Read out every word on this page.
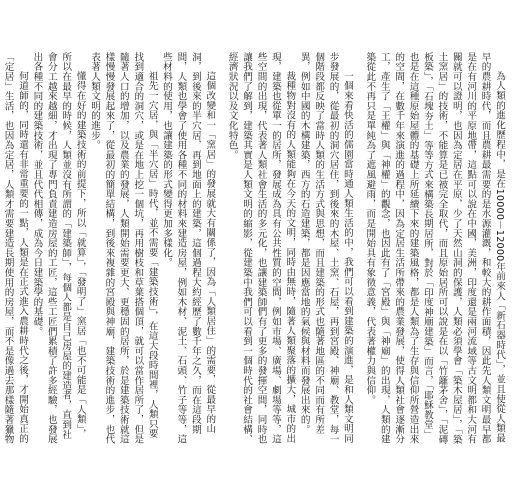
為人類的進化歷程中，是在10000－12000年前來人「新石器時代」，並且使從人類最早的農耕時代，而且農耕最需要的是水源灌溉，和較大的耕作面積，因此先人類文明最早都是在有河川的平原地帶，這點可以說在中國，美洲，印度還是兩河流域等古文明都和大河有關就可以證明，也因為定居在平原，少了天然山洞的保護，人類必須學會「築木屋居」，「築土窯居」的技術，不能算是已被完全取代，而且原始居所可以說是在以「竹籬茅舍」，「泥磚板築」，「石塊夯土」等等方式來構築長期居所，對於「印度神廟建築」而言，「耶穌教堂」也是在這種原始屋體的基礎上所延續下來的建築風格，都是人類為了生存與信仰所營造出來的空間，在數千年來演進的過程中，因為定居生活所帶來的農業發展，使得人類社會逐漸分工，產生了「王權」與「神權」的觀念，也因此有了「宮殿」與「神廟」的出現，人類的建築從此不再只是單純為了遮風避雨，而是開始具有象徵意義，代表著權力與信仰。

一個來看快活的儒園當時通人類生活的中，我們可以看到建築的演進，是和人類文明同步發展的，從最初的洞穴居住，到後來的木屋、土窯、石屋，再到宮殿、神廟、教堂，每一個階段都反映了當時人類的生活方式與思想，而且建築的形式也隨著地區的不同而有所差異，例如中國的木構建築，西方的石造建築，都是因應當地的氣候與材料而發展出來的。

裁種物對沒有的人類能夠在今天的文明，同時由無時，隨著人類聚落的擴大，城市的出現，建築也從單一的居所，發展成為具有公共性質的空間，例如市場、廣場、劇場等等，這些空間的出現，代表著人類社會生活的多元化，也讓建築師們有了更多的發揮空間，同時也讓我們了解到，建築其實是人類文明的縮影，從建築中我們可以看到一個時代的社會結構、經濟狀況以及文化特色。

這個改變和一「窯居」的發展就大有關係了，因為「人類居住」的需要，從最早的山洞，到後來的半穴居，再到地面上的建築，這個過程大約經歷了數千年之久，而在這段期間，人類也學會了使用各種不同的材料來建造房屋，例如木材、泥土、石頭、竹子等等，這些材料的使用，也讓建築的形式變得更加多樣化。

祖先一穴居，與「半穴居」時代，並不需要「建築技術」，在這大段時間裡，人類只要找到適合的洞穴，或是在地上挖一個坑，再用樹枝和草葉搭個頂，就可以當作居所了，但是隨著人口的增加，以及農業的發展，人類開始需要更大、更穩固的居所，於是建築技術就這樣慢慢發展起來了，從最初的簡單結構，到後來複雜的宮殿與神廟，建築技術的進步，也代表著人類文明的進步。

懂得在好的建築技術的前提下，所以「就算」，「發明了」窯居「也不可能是「人類」，所以在最早的時候，人類並沒有所謂的「建築師」，每個人都是自己房屋的建造者，直到社會分工越來越細，才出現了專門負責建造房屋的工匠，這些工匠們累積了許多經驗，也發展出各種不同的建築技術，並且代代相傳，成為今日建築學的基礎。

何道師的，同時還有非常重要的一點，人類是在正式進入農耕時代之後，才開始真正的「定居」生活，也因為定居，人類才需要建造長期使用的房屋，而不是像過去那樣隨著獵物
